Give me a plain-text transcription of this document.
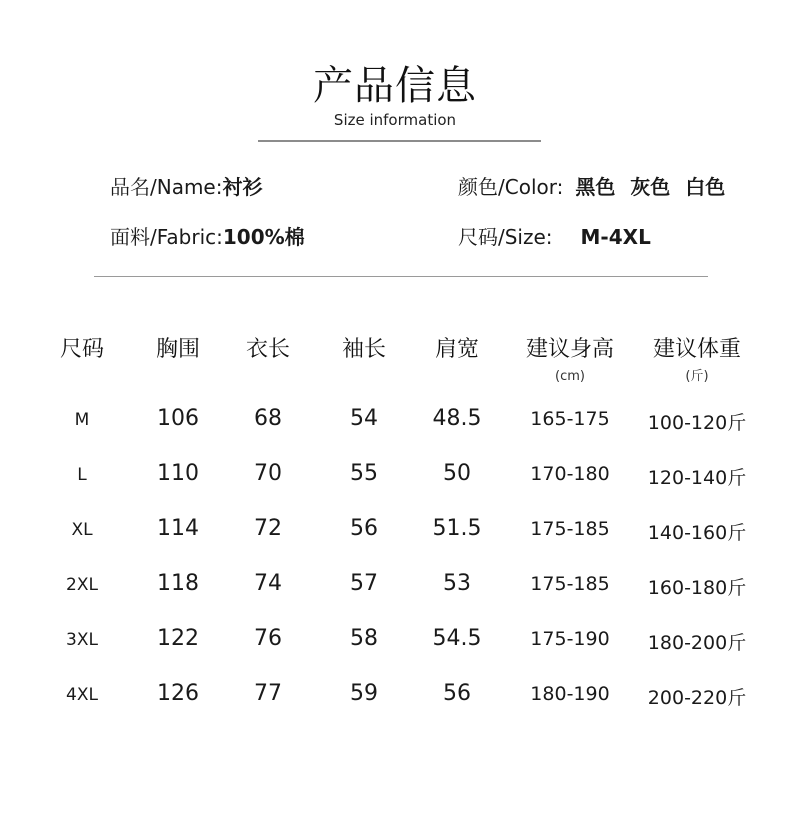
产品信息
Size information
品名/Name:衬衫	颜色/Color: 黑色 灰色 白色
面料/Fabric:100%棉	尺码/Size: M-4XL
尺码 胸围 衣长 袖长 肩宽 建议身高 建议体重
(cm)	(斤)
M	106	68	54 48.5	165-175 100-120斤
L	110	70	55	50	170-180 120-140斤
XL	114	72	56 51.5	175-185 140-160斤
2XL	118	74	57	53	175-185 160-180斤
3XL	122	76	58 54.5	175-190 180-200斤
4XL	126	77	59	56	180-190 200-220斤
